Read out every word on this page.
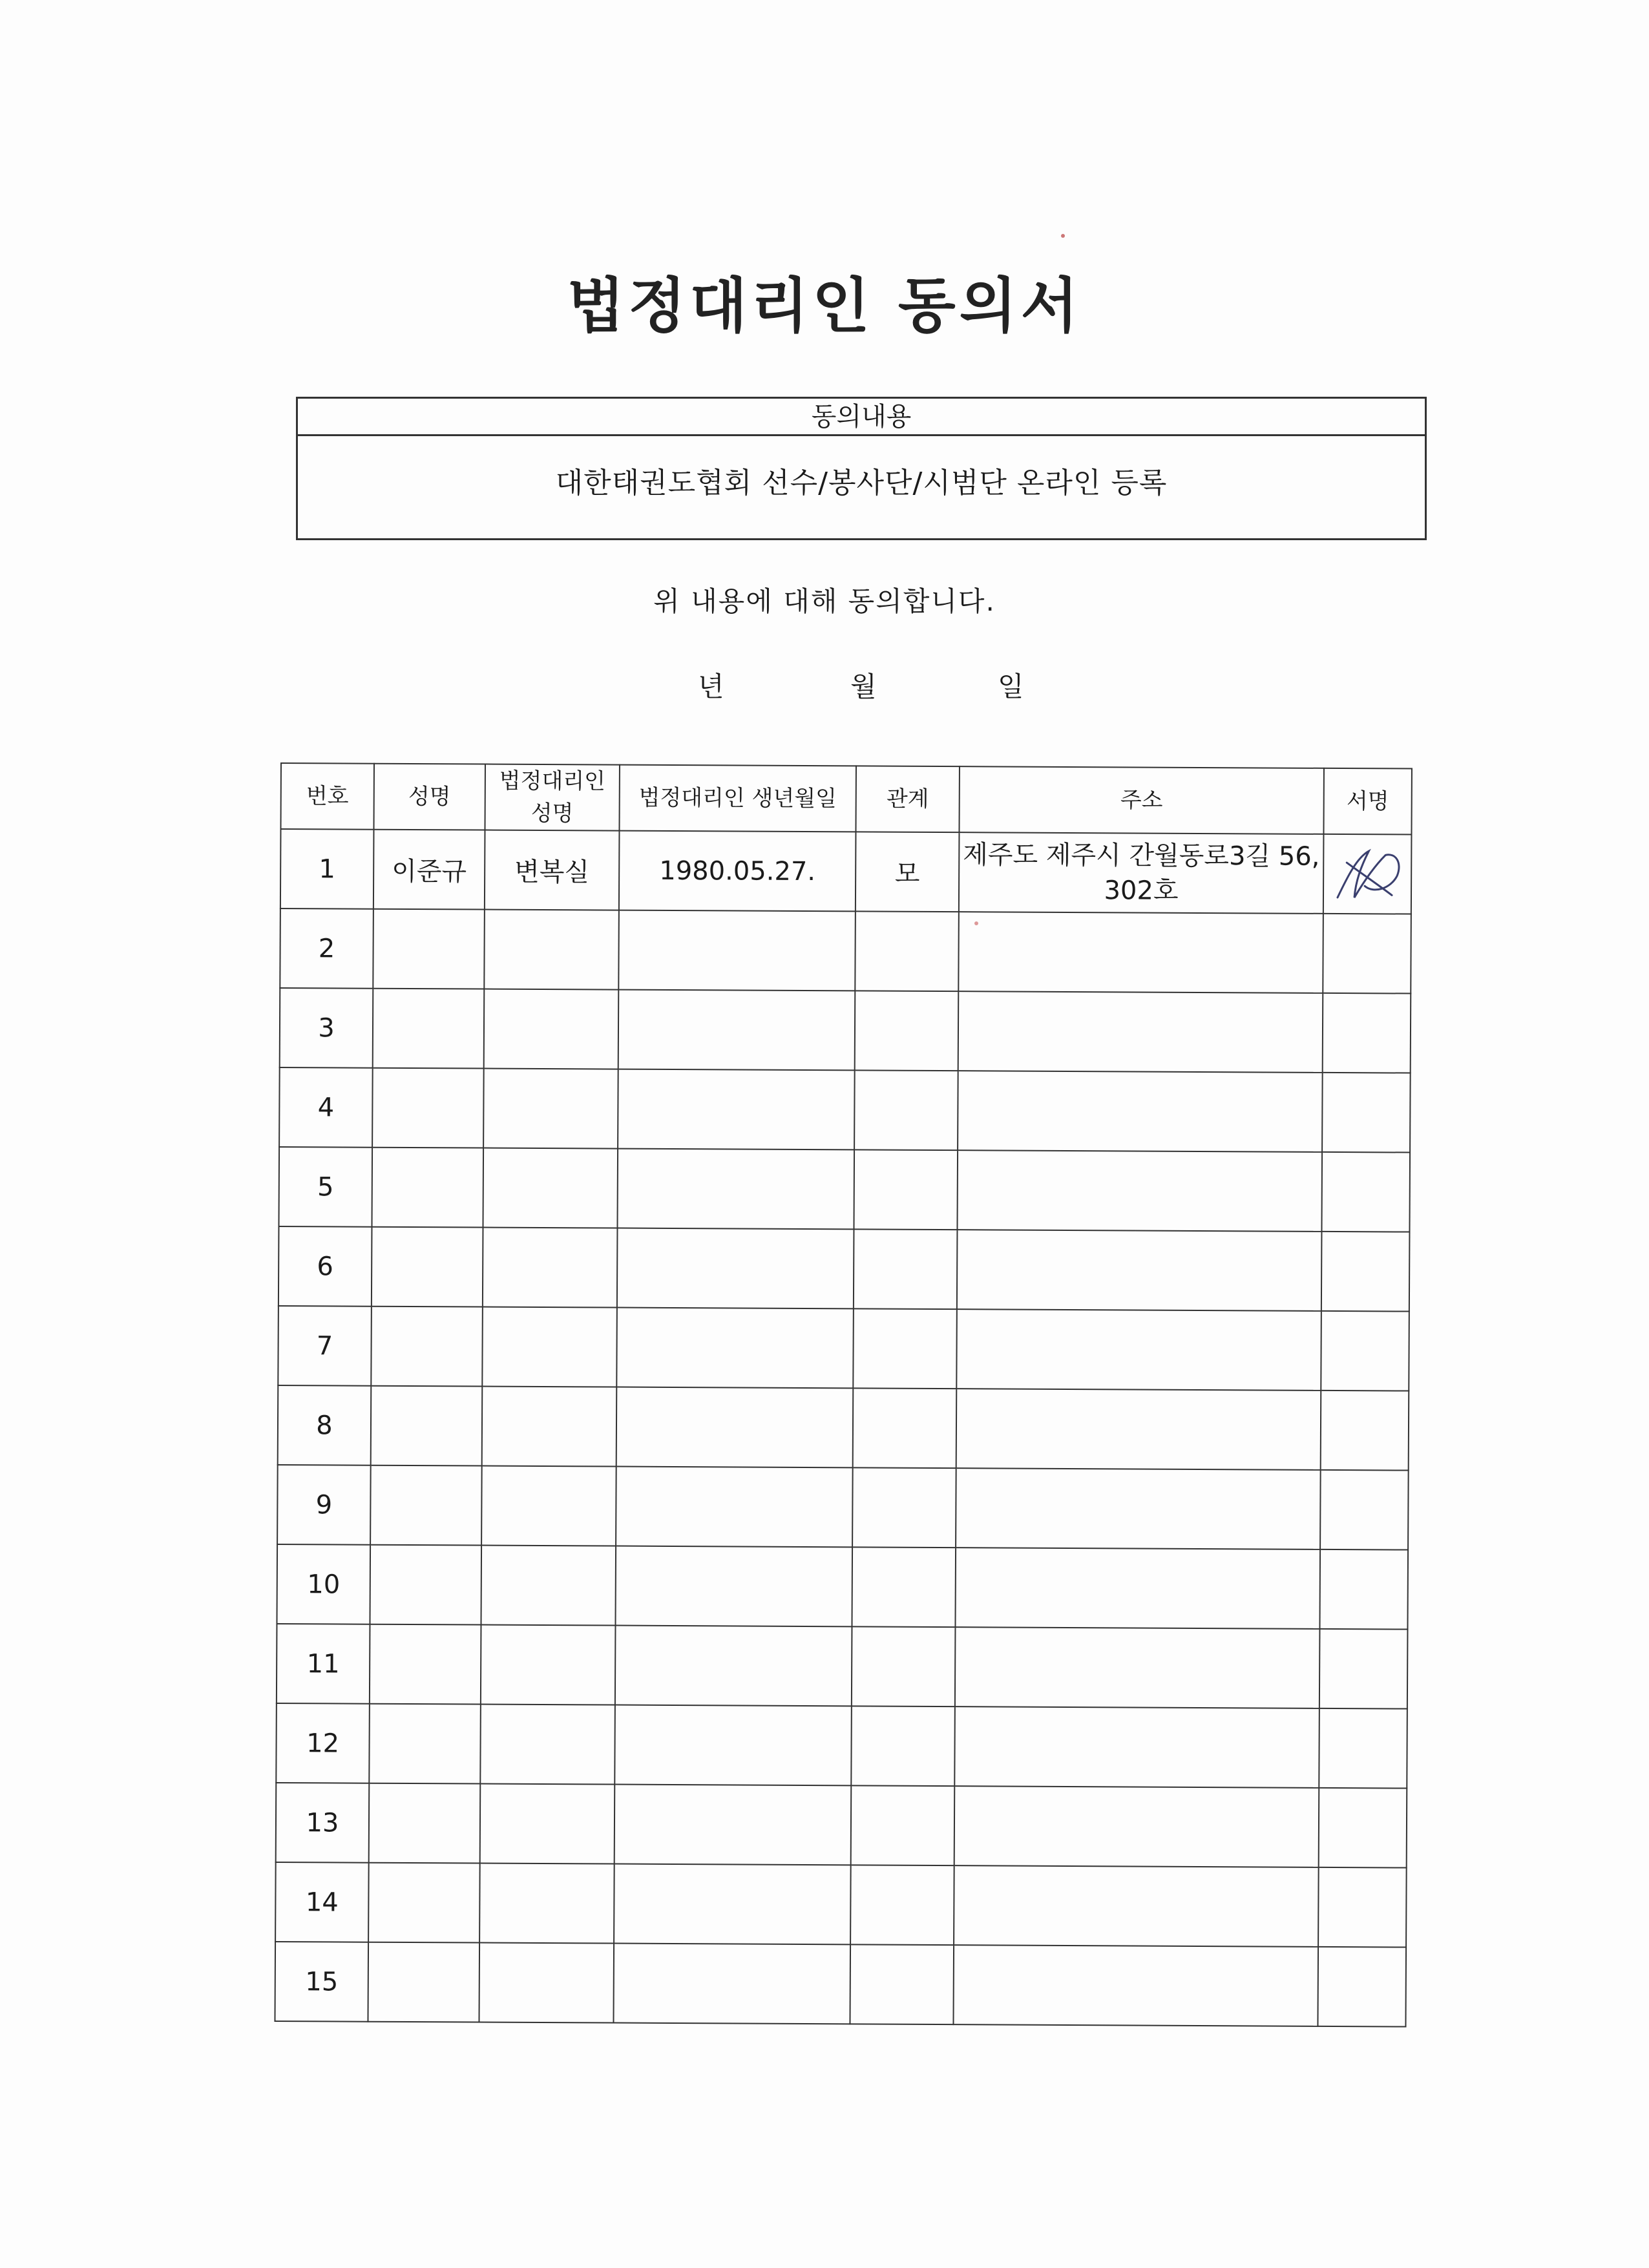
법정대리인 동의서
동의내용
대한태권도협회 선수/봉사단/시범단 온라인 등록
위 내용에 대해 동의합니다.
년	월	일
번호	성명	법정대리인 성명	법정대리인 생년월일	관계	주소	서명
1	이준규	변복실	1980.05.27.	모	제주도 제주시 간월동로3길 56, 302호	
2						
3						
4						
5						
6						
7						
8						
9						
10						
11						
12						
13						
14						
15						
